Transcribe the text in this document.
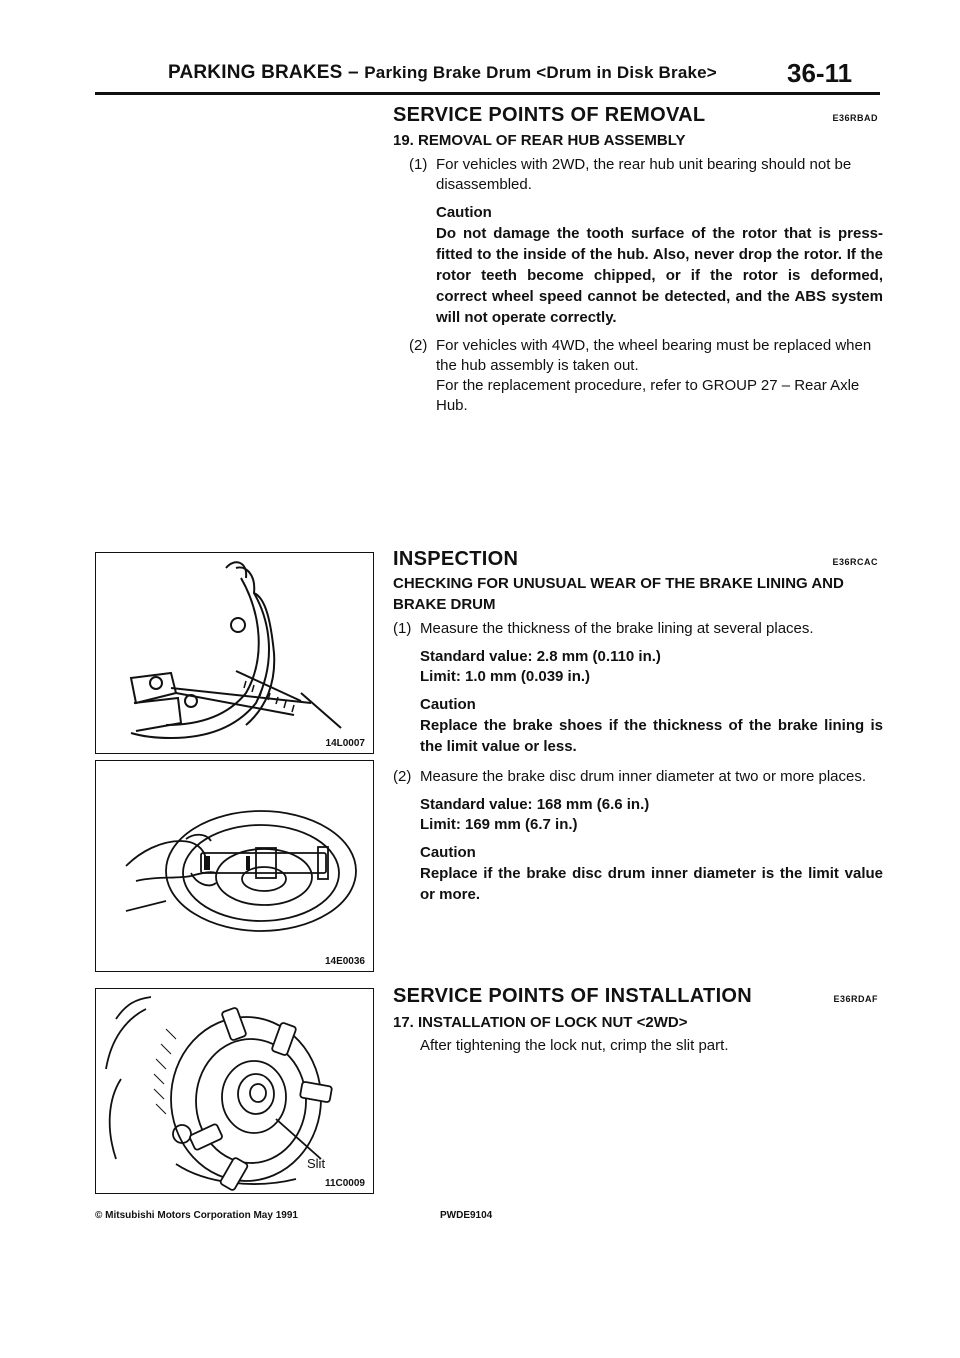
PARKING BRAKES – Parking Brake Drum <Drum in Disk Brake>	36-11
SERVICE POINTS OF REMOVAL	E36RBAD
19. REMOVAL OF REAR HUB ASSEMBLY
(1) For vehicles with 2WD, the rear hub unit bearing should not be disassembled.
Caution
Do not damage the tooth surface of the rotor that is press-fitted to the inside of the hub. Also, never drop the rotor. If the rotor teeth become chipped, or if the rotor is deformed, correct wheel speed cannot be detected, and the ABS system will not operate correctly.
(2) For vehicles with 4WD, the wheel bearing must be replaced when the hub assembly is taken out.
For the replacement procedure, refer to GROUP 27 – Rear Axle Hub.
INSPECTION	E36RCAC
CHECKING FOR UNUSUAL WEAR OF THE BRAKE LINING AND BRAKE DRUM
(1) Measure the thickness of the brake lining at several places.
Standard value: 2.8 mm (0.110 in.)
Limit: 1.0 mm (0.039 in.)
Caution
Replace the brake shoes if the thickness of the brake lining is the limit value or less.
(2) Measure the brake disc drum inner diameter at two or more places.
Standard value: 168 mm (6.6 in.)
Limit: 169 mm (6.7 in.)
Caution
Replace if the brake disc drum inner diameter is the limit value or more.
SERVICE POINTS OF INSTALLATION	E36RDAF
17. INSTALLATION OF LOCK NUT <2WD>
After tightening the lock nut, crimp the slit part.
14L0007
14E0036
Slit
11C0009
© Mitsubishi Motors Corporation May 1991	PWDE9104
